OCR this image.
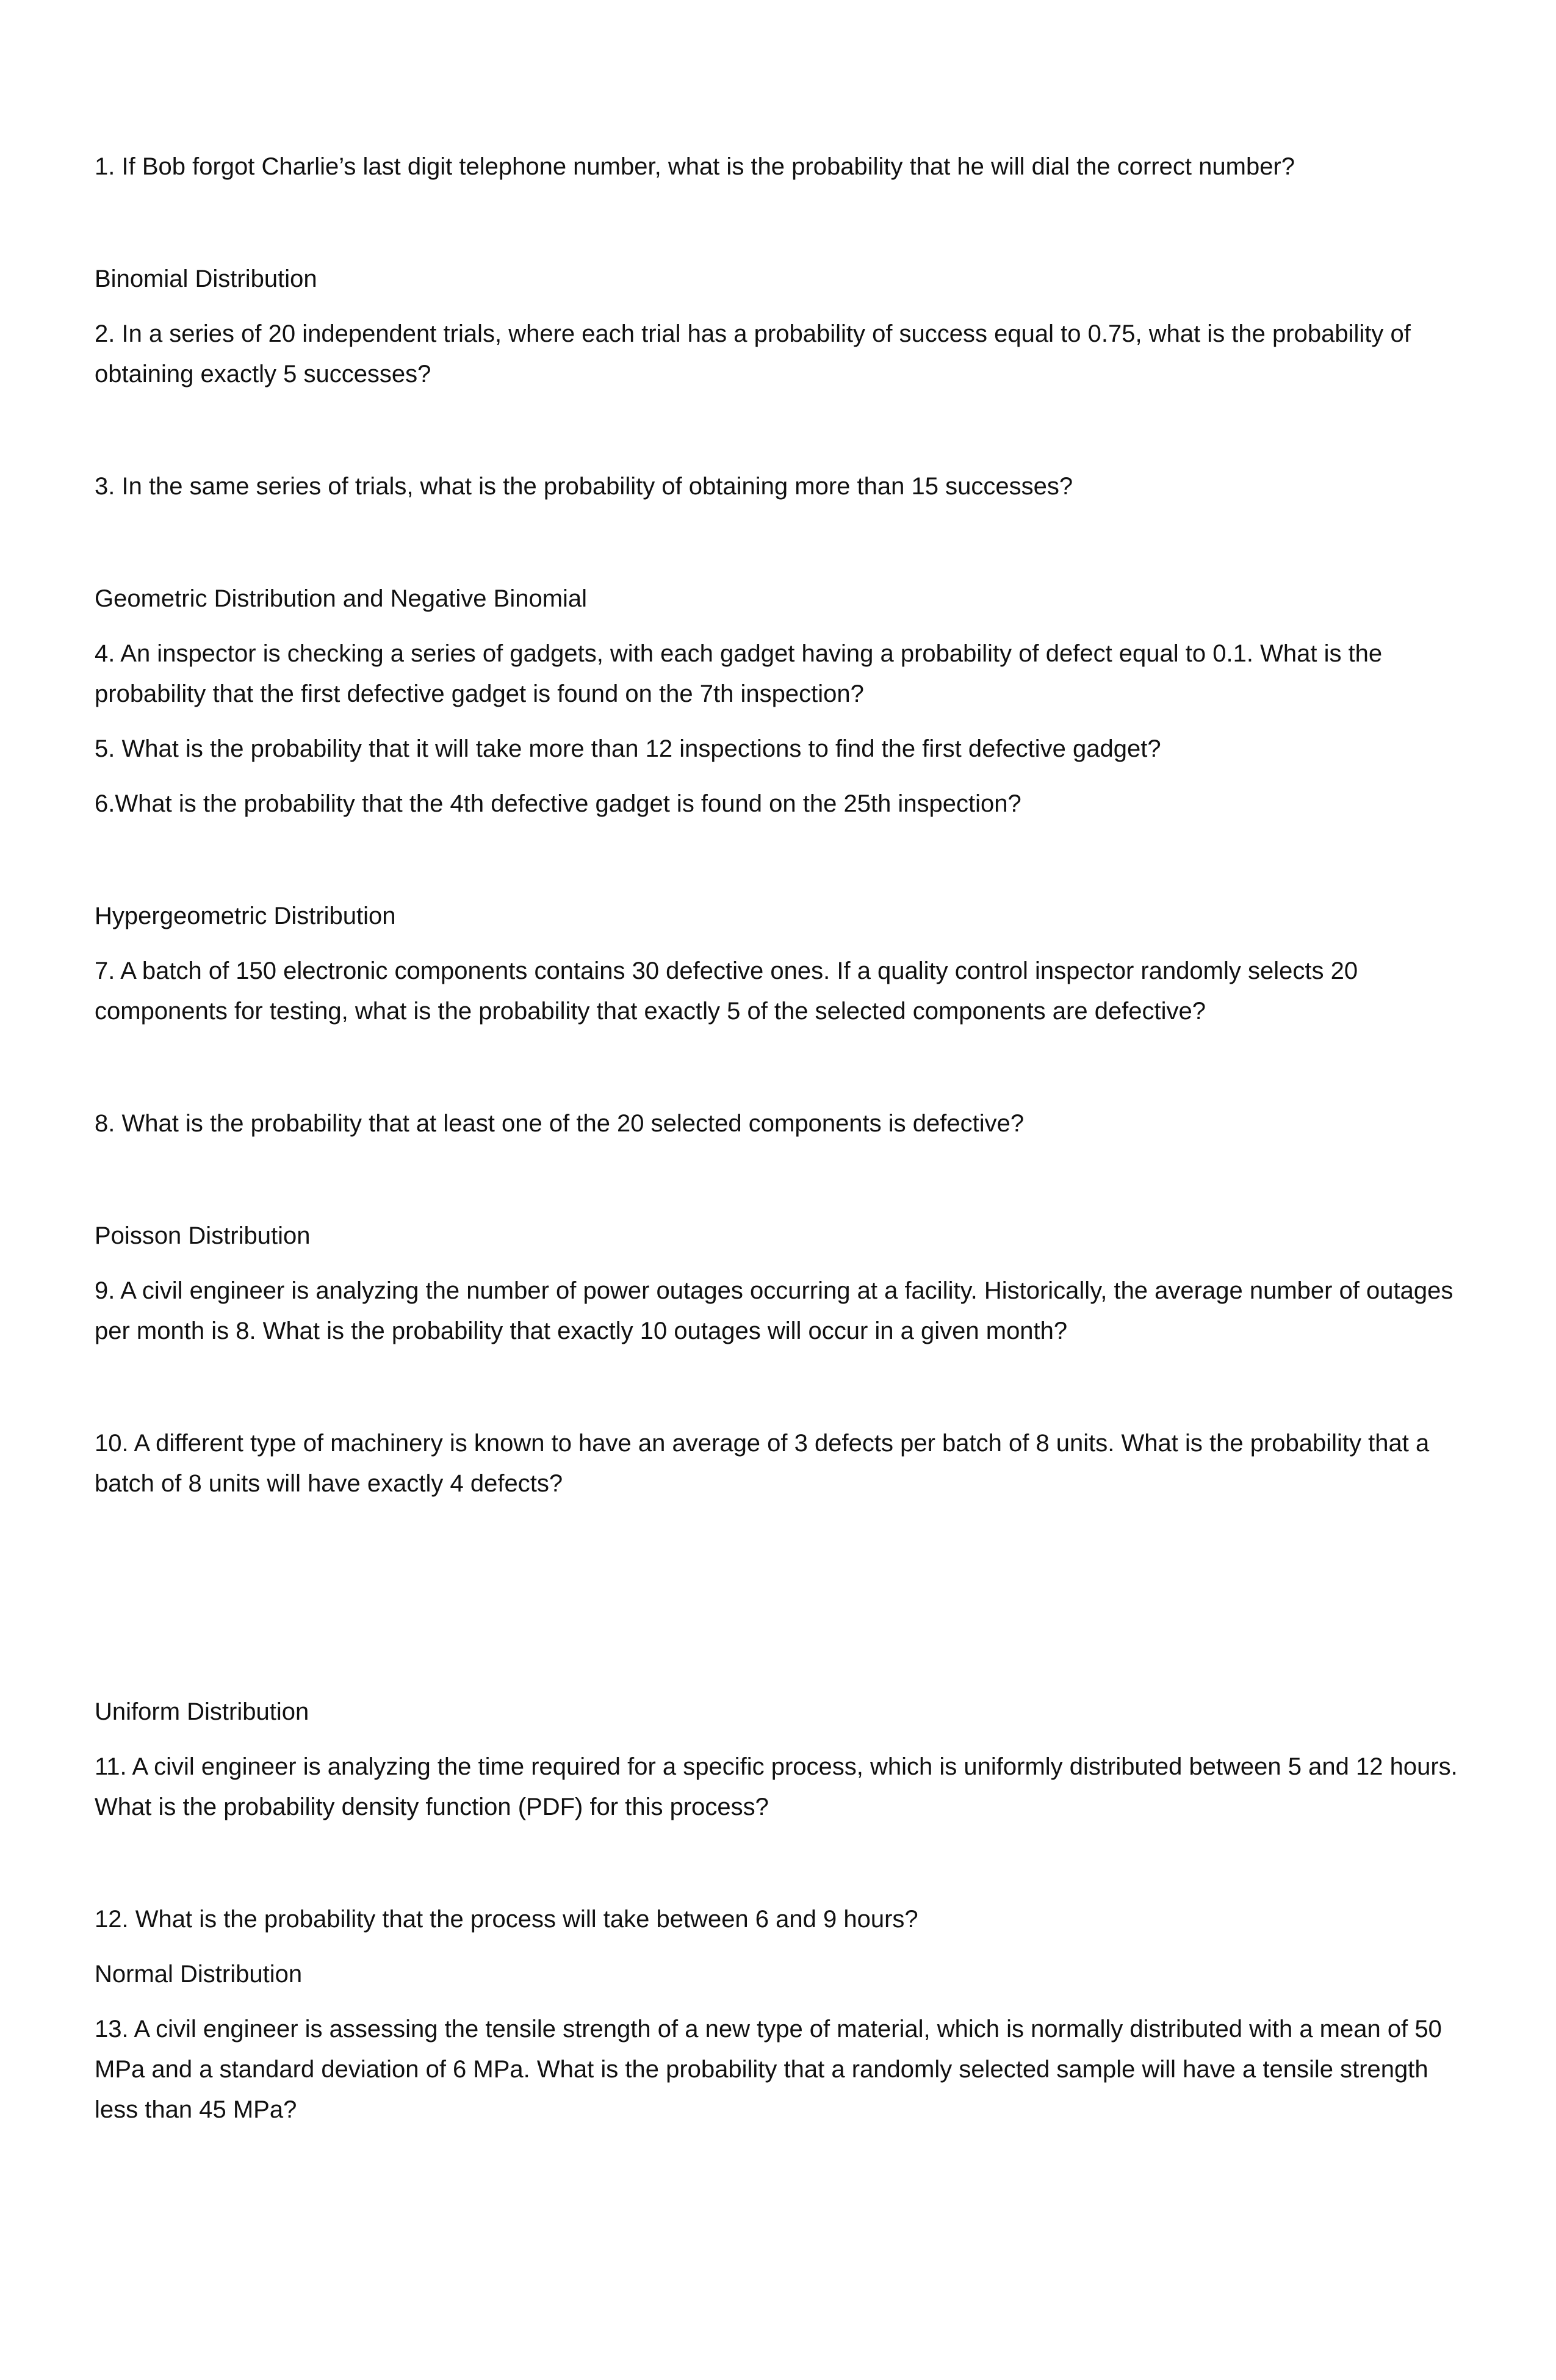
1. If Bob forgot Charlie’s last digit telephone number, what is the probability that he will dial the correct number?

Binomial Distribution

2. In a series of 20 independent trials, where each trial has a probability of success equal to 0.75, what is the probability of obtaining exactly 5 successes?

3. In the same series of trials, what is the probability of obtaining more than 15 successes?

Geometric Distribution and Negative Binomial

4. An inspector is checking a series of gadgets, with each gadget having a probability of defect equal to 0.1. What is the probability that the first defective gadget is found on the 7th inspection?

5. What is the probability that it will take more than 12 inspections to find the first defective gadget?

6.What is the probability that the 4th defective gadget is found on the 25th inspection?

Hypergeometric Distribution

7. A batch of 150 electronic components contains 30 defective ones. If a quality control inspector randomly selects 20 components for testing, what is the probability that exactly 5 of the selected components are defective?

8. What is the probability that at least one of the 20 selected components is defective?

Poisson Distribution

9. A civil engineer is analyzing the number of power outages occurring at a facility. Historically, the average number of outages per month is 8. What is the probability that exactly 10 outages will occur in a given month?

10. A different type of machinery is known to have an average of 3 defects per batch of 8 units. What is the probability that a batch of 8 units will have exactly 4 defects?

Uniform Distribution

11. A civil engineer is analyzing the time required for a specific process, which is uniformly distributed between 5 and 12 hours. What is the probability density function (PDF) for this process?

12. What is the probability that the process will take between 6 and 9 hours?

Normal Distribution

13. A civil engineer is assessing the tensile strength of a new type of material, which is normally distributed with a mean of 50 MPa and a standard deviation of 6 MPa. What is the probability that a randomly selected sample will have a tensile strength less than 45 MPa?
